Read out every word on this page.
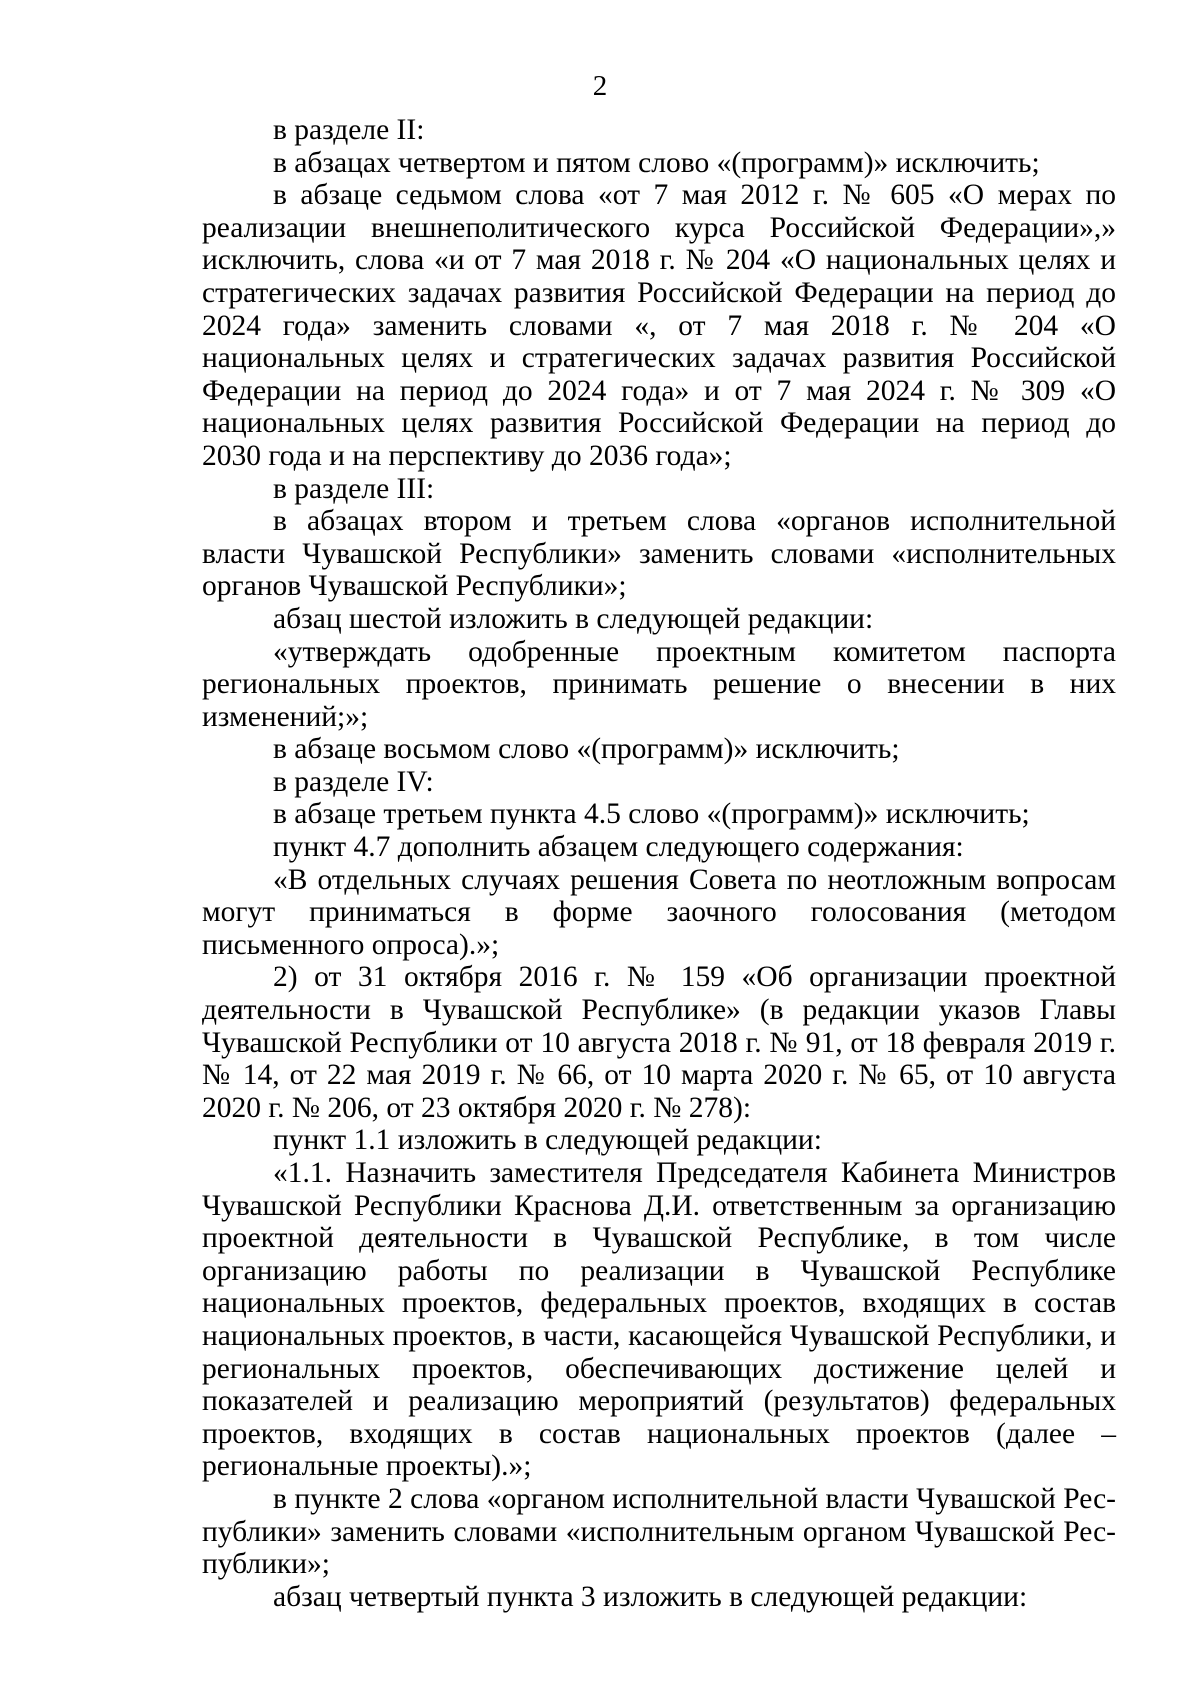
2

в разделе II:

в абзацах четвертом и пятом слово «(программ)» исключить;

в абзаце седьмом слова «от 7 мая 2012 г. № 605 «О мерах по реализации внешнеполитического курса Российской Федерации»,» исключить, слова «и от 7 мая 2018 г. № 204 «О национальных целях и стратегических задачах развития Российской Федерации на период до 2024 года» заменить словами «, от 7 мая 2018 г. № 204 «О национальных целях и стратегических задачах развития Российской Федерации на период до 2024 года» и от 7 мая 2024 г. № 309 «О национальных целях развития Российской Федерации на период до 2030 года и на перспективу до 2036 года»;

в разделе III:

в абзацах втором и третьем слова «органов исполнительной власти Чувашской Республики» заменить словами «исполнительных органов Чувашской Республики»;

абзац шестой изложить в следующей редакции:

«утверждать одобренные проектным комитетом паспорта региональных проектов, принимать решение о внесении в них изменений;»;

в абзаце восьмом слово «(программ)» исключить;

в разделе IV:

в абзаце третьем пункта 4.5 слово «(программ)» исключить;

пункт 4.7 дополнить абзацем следующего содержания:

«В отдельных случаях решения Совета по неотложным вопросам могут приниматься в форме заочного голосования (методом письменного опроса).»;

2) от 31 октября 2016 г. № 159 «Об организации проектной деятельности в Чувашской Республике» (в редакции указов Главы Чувашской Республики от 10 августа 2018 г. № 91, от 18 февраля 2019 г. № 14, от 22 мая 2019 г. № 66, от 10 марта 2020 г. № 65, от 10 августа 2020 г. № 206, от 23 октября 2020 г. № 278):

пункт 1.1 изложить в следующей редакции:

«1.1. Назначить заместителя Председателя Кабинета Министров Чувашской Республики Краснова Д.И. ответственным за организацию проектной деятельности в Чувашской Республике, в том числе организацию работы по реализации в Чувашской Республике национальных проектов, федеральных проектов, входящих в состав национальных проектов, в части, касающейся Чувашской Республики, и региональных проектов, обеспечивающих достижение целей и показателей и реализацию мероприятий (результатов) федеральных проектов, входящих в состав национальных проектов (далее – региональные проекты).»;

в пункте 2 слова «органом исполнительной власти Чувашской Республики» заменить словами «исполнительным органом Чувашской Республики»;

абзац четвертый пункта 3 изложить в следующей редакции:
